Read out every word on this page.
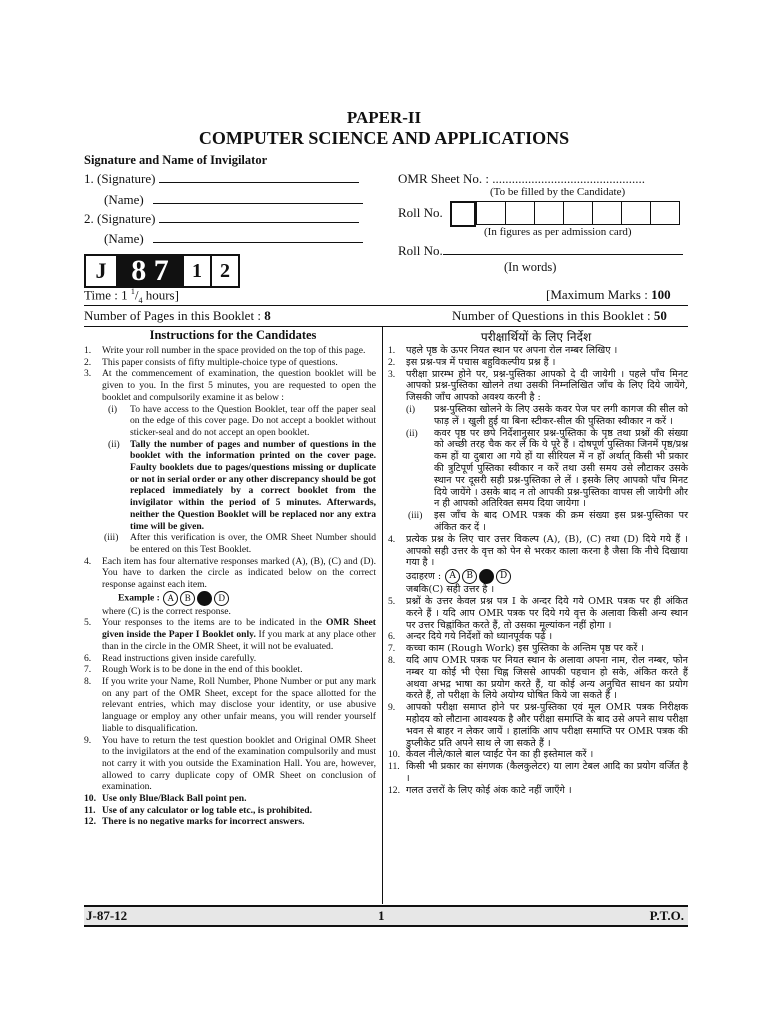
PAPER-II
COMPUTER SCIENCE AND APPLICATIONS
Signature and Name of Invigilator
1. (Signature)
(Name)
2. (Signature)
(Name)
OMR Sheet No. : ...............................................
(To be filled by the Candidate)
Roll No.
(In figures as per admission card)
Roll No.
(In words)
J 8 7	1 2
Time : 1 $^1/_4$ hours]	[Maximum Marks : 100
Number of Pages in this Booklet : 8	Number of Questions in this Booklet : 50
Instructions for the Candidates
1. Write your roll number in the space provided on the top of this page.
2. This paper consists of fifty multiple-choice type of questions.
3. At the commencement of examination, the question booklet will be given to you. In the first 5 minutes, you are requested to open the booklet and compulsorily examine it as below :
(i) To have access to the Question Booklet, tear off the paper seal on the edge of this cover page. Do not accept a booklet without sticker-seal and do not accept an open booklet.
(ii) Tally the number of pages and number of questions in the booklet with the information printed on the cover page. Faulty booklets due to pages/questions missing or duplicate or not in serial order or any other discrepancy should be got replaced immediately by a correct booklet from the invigilator within the period of 5 minutes. Afterwards, neither the Question Booklet will be replaced nor any extra time will be given.
(iii) After this verification is over, the OMR Sheet Number should be entered on this Test Booklet.
4. Each item has four alternative responses marked (A), (B), (C) and (D). You have to darken the circle as indicated below on the correct response against each item.
Example : A B	D
where (C) is the correct response.
5. Your responses to the items are to be indicated in the OMR Sheet given inside the Paper I Booklet only. If you mark at any place other than in the circle in the OMR Sheet, it will not be evaluated.
6. Read instructions given inside carefully.
7. Rough Work is to be done in the end of this booklet.
8. If you write your Name, Roll Number, Phone Number or put any mark on any part of the OMR Sheet, except for the space allotted for the relevant entries, which may disclose your identity, or use abusive language or employ any other unfair means, you will render yourself liable to disqualification.
9. You have to return the test question booklet and Original OMR Sheet to the invigilators at the end of the examination compulsorily and must not carry it with you outside the Examination Hall. You are, however, allowed to carry duplicate copy of OMR Sheet on conclusion of examination.
10. Use only Blue/Black Ball point pen.
11. Use of any calculator or log table etc., is prohibited.
12. There is no negative marks for incorrect answers.
परीक्षार्थियों के लिए निर्देश
1. पहले पृष्ठ के ऊपर नियत स्थान पर अपना रोल नम्बर लिखिए ।
2. इस प्रश्न-पत्र में पचास बहुविकल्पीय प्रश्न हैं ।
3. परीक्षा प्रारम्भ होने पर, प्रश्न-पुस्तिका आपको दे दी जायेगी । पहले पाँच मिनट आपको प्रश्न-पुस्तिका खोलने तथा उसकी निम्नलिखित जाँच के लिए दिये जायेंगे, जिसकी जाँच आपको अवश्य करनी है :
(i) प्रश्न-पुस्तिका खोलने के लिए उसके कवर पेज पर लगी कागज की सील को फाड़ लें । खुली हुई या बिना स्टीकर-सील की पुस्तिका स्वीकार न करें ।
(ii) कवर पृष्ठ पर छपे निर्देशानुसार प्रश्न-पुस्तिका के पृष्ठ तथा प्रश्नों की संख्या को अच्छी तरह चैक कर लें कि ये पूरे हैं । दोषपूर्ण पुस्तिका जिनमें पृष्ठ/प्रश्न कम हों या दुबारा आ गये हों या सीरियल में न हों अर्थात् किसी भी प्रकार की त्रुटिपूर्ण पुस्तिका स्वीकार न करें तथा उसी समय उसे लौटाकर उसके स्थान पर दूसरी सही प्रश्न-पुस्तिका ले लें । इसके लिए आपको पाँच मिनट दिये जायेंगे । उसके बाद न तो आपकी प्रश्न-पुस्तिका वापस ली जायेगी और न ही आपको अतिरिक्त समय दिया जायेगा ।
(iii) इस जाँच के बाद OMR पत्रक की क्रम संख्या इस प्रश्न-पुस्तिका पर अंकित कर दें ।
4. प्रत्येक प्रश्न के लिए चार उत्तर विकल्प (A), (B), (C) तथा (D) दिये गये हैं । आपको सही उत्तर के वृत्त को पेन से भरकर काला करना है जैसा कि नीचे दिखाया गया है ।
उदाहरण : A B	D
जबकि(C) सही उत्तर है ।
5. प्रश्नों के उत्तर केवल प्रश्न पत्र I के अन्दर दिये गये OMR पत्रक पर ही अंकित करने हैं । यदि आप OMR पत्रक पर दिये गये वृत्त के अलावा किसी अन्य स्थान पर उत्तर चिह्नांकित करते हैं, तो उसका मूल्यांकन नहीं होगा ।
6. अन्दर दिये गये निर्देशों को ध्यानपूर्वक पढ़ें ।
7. कच्चा काम (Rough Work) इस पुस्तिका के अन्तिम पृष्ठ पर करें ।
8. यदि आप OMR पत्रक पर नियत स्थान के अलावा अपना नाम, रोल नम्बर, फोन नम्बर या कोई भी ऐसा चिह्न जिससे आपकी पहचान हो सके, अंकित करते हैं अथवा अभद्र भाषा का प्रयोग करते हैं, या कोई अन्य अनुचित साधन का प्रयोग करते हैं, तो परीक्षा के लिये अयोग्य घोषित किये जा सकते हैं ।
9. आपको परीक्षा समाप्त होने पर प्रश्न-पुस्तिका एवं मूल OMR पत्रक निरीक्षक महोदय को लौटाना आवश्यक है और परीक्षा समाप्ति के बाद उसे अपने साथ परीक्षा भवन से बाहर न लेकर जायें । हालांकि आप परीक्षा समाप्ति पर OMR पत्रक की डुप्लीकेट प्रति अपने साथ ले जा सकते हैं ।
10. केवल नीले/काले बाल प्वाईंट पेन का ही इस्तेमाल करें ।
11. किसी भी प्रकार का संगणक (कैलकुलेटर) या लाग टेबल आदि का प्रयोग वर्जित है ।
12. गलत उत्तरों के लिए कोई अंक काटे नहीं जाएँगे ।
J-87-12	1	P.T.O.
